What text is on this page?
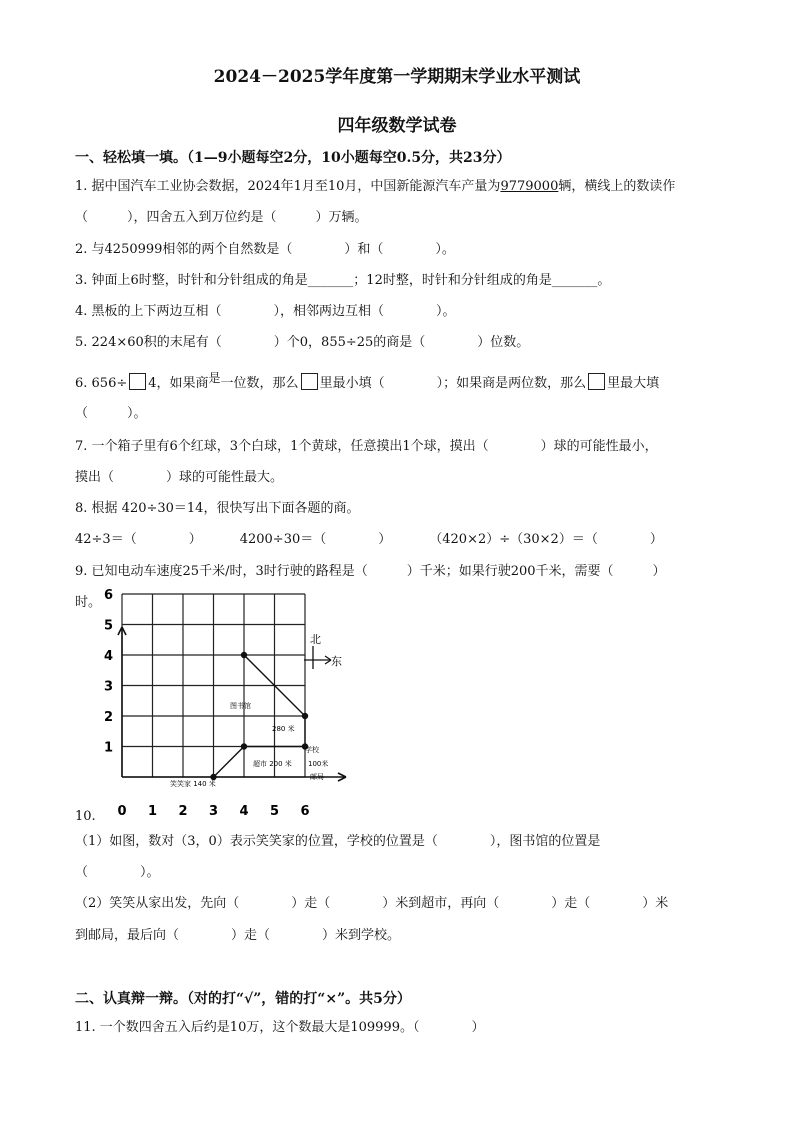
2024－2025学年度第一学期期末学业水平测试
四年级数学试卷
一、轻松填一填。（1—9小题每空2分，10小题每空0.5分，共23分）
1. 据中国汽车工业协会数据，2024年1月至10月，中国新能源汽车产量为9779000辆，横线上的数读作
（　　　），四舍五入到万位约是（　　　）万辆。
2. 与4250999相邻的两个自然数是（　　　　）和（　　　　）。
3. 钟面上6时整，时针和分针组成的角是_______；12时整，时针和分针组成的角是_______。
4. 黑板的上下两边互相（　　　　），相邻两边互相（　　　　）。
5. 224×60积的末尾有（　　　　）个0，855÷25的商是（　　　　）位数。
6. 656÷ 4，如果商是一位数，那么 里最小填（　　　　）；如果商是两位数，那么 里最大填
（　　　）。
7. 一个箱子里有6个红球，3个白球，1个黄球，任意摸出1个球，摸出（　　　　）球的可能性最小，
摸出（　　　　）球的可能性最大。
8. 根据 420÷30＝14，很快写出下面各题的商。
42÷3＝（　　　　）	4200÷30＝（　　　　）	（420×2）÷（30×2）＝（　　　　）
9. 已知电动车速度25千米/时，3时行驶的路程是（　　　）千米；如果行驶200千米，需要（　　　）
时。
0 1 2 3 4 5 6
1
2
3
4
5
6
笑笑家 140 米
超市 200 米 100米
邮局
学校
图书馆
280 米
北
东
10.
（1）如图，数对（3，0）表示笑笑家的位置，学校的位置是（　　　　），图书馆的位置是
（　　　　）。
（2）笑笑从家出发，先向（　　　　）走（　　　　）米到超市，再向（　　　　）走（　　　　）米
到邮局，最后向（　　　　）走（　　　　）米到学校。
二、认真辩一辩。（对的打“√”，错的打“×”。共5分）
11. 一个数四舍五入后约是10万，这个数最大是109999。（　　　　）
